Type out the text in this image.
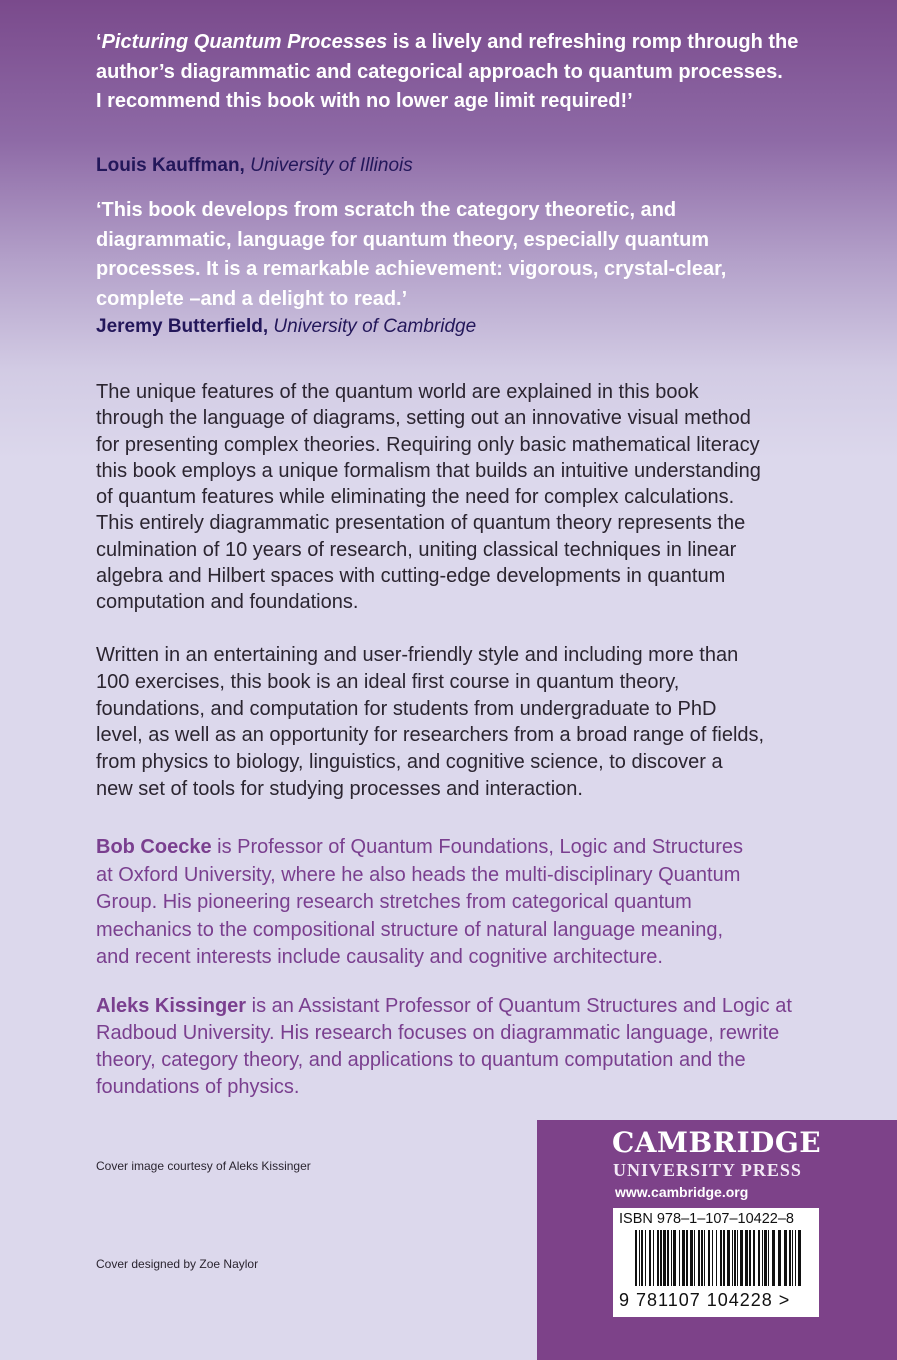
‘Picturing Quantum Processes is a lively and refreshing romp through the
author’s diagrammatic and categorical approach to quantum processes.
I recommend this book with no lower age limit required!’
Louis Kauffman, University of Illinois
‘This book develops from scratch the category theoretic, and
diagrammatic, language for quantum theory, especially quantum
processes. It is a remarkable achievement: vigorous, crystal-clear,
complete –and a delight to read.’
Jeremy Butterfield, University of Cambridge
The unique features of the quantum world are explained in this book
through the language of diagrams, setting out an innovative visual method
for presenting complex theories. Requiring only basic mathematical literacy
this book employs a unique formalism that builds an intuitive understanding
of quantum features while eliminating the need for complex calculations.
This entirely diagrammatic presentation of quantum theory represents the
culmination of 10 years of research, uniting classical techniques in linear
algebra and Hilbert spaces with cutting-edge developments in quantum
computation and foundations.
Written in an entertaining and user-friendly style and including more than
100 exercises, this book is an ideal first course in quantum theory,
foundations, and computation for students from undergraduate to PhD
level, as well as an opportunity for researchers from a broad range of fields,
from physics to biology, linguistics, and cognitive science, to discover a
new set of tools for studying processes and interaction.
Bob Coecke is Professor of Quantum Foundations, Logic and Structures
at Oxford University, where he also heads the multi-disciplinary Quantum
Group. His pioneering research stretches from categorical quantum
mechanics to the compositional structure of natural language meaning,
and recent interests include causality and cognitive architecture.
Aleks Kissinger is an Assistant Professor of Quantum Structures and Logic at
Radboud University. His research focuses on diagrammatic language, rewrite
theory, category theory, and applications to quantum computation and the
foundations of physics.
Cover image courtesy of Aleks Kissinger
Cover designed by Zoe Naylor
CAMBRIDGE
UNIVERSITY PRESS
www.cambridge.org
ISBN 978–1–107–10422–8
9 781107 104228 >
